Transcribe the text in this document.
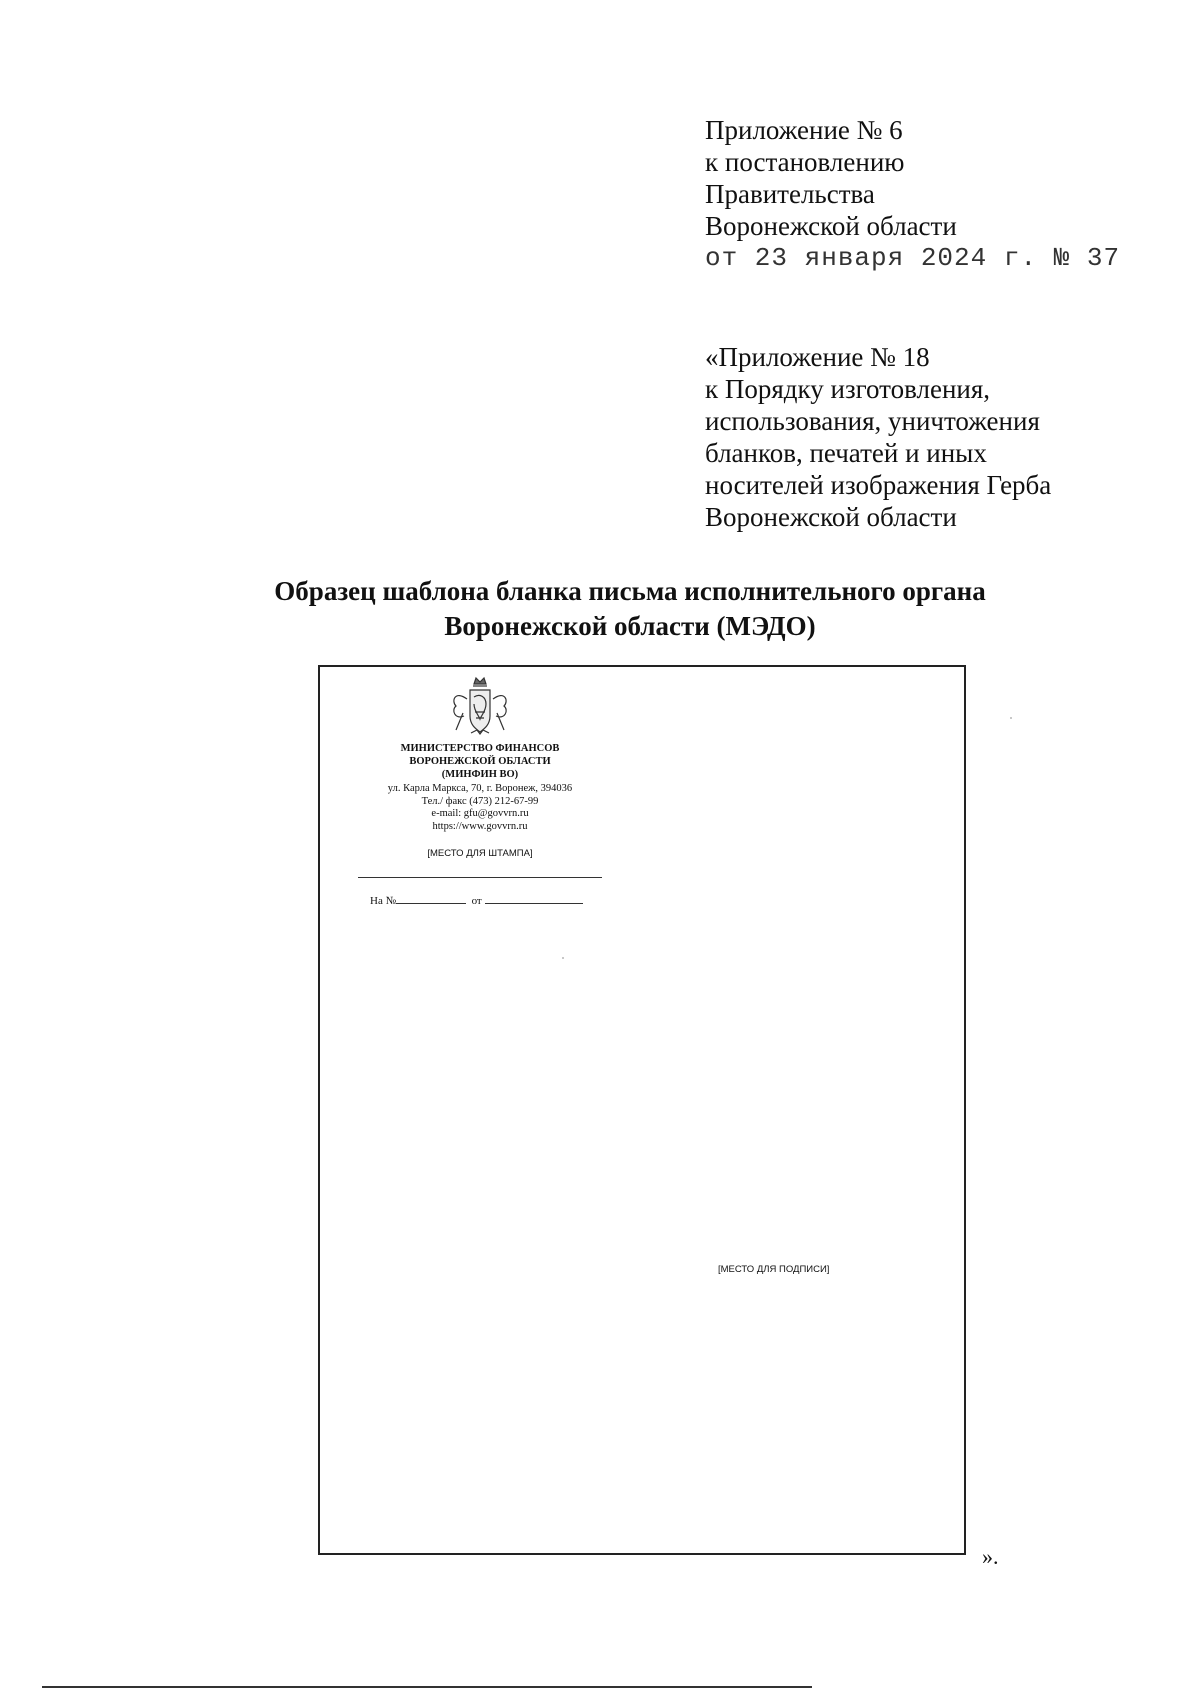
Приложение № 6
к постановлению
Правительства
Воронежской области
от 23 января 2024 г. № 37
«Приложение № 18
к Порядку изготовления,
использования, уничтожения
бланков, печатей и иных
носителей изображения Герба
Воронежской области
Образец шаблона бланка письма исполнительного органа
Воронежской области (МЭДО)
МИНИСТЕРСТВО ФИНАНСОВ
ВОРОНЕЖСКОЙ ОБЛАСТИ
(МИНФИН ВО)
ул. Карла Маркса, 70, г. Воронеж, 394036
Тел./ факс (473) 212-67-99
e-mail: gfu@govvrn.ru
https://www.govvrn.ru
[МЕСТО ДЛЯ ШТАМПА]
На №	от
[МЕСТО ДЛЯ ПОДПИСИ]
».
